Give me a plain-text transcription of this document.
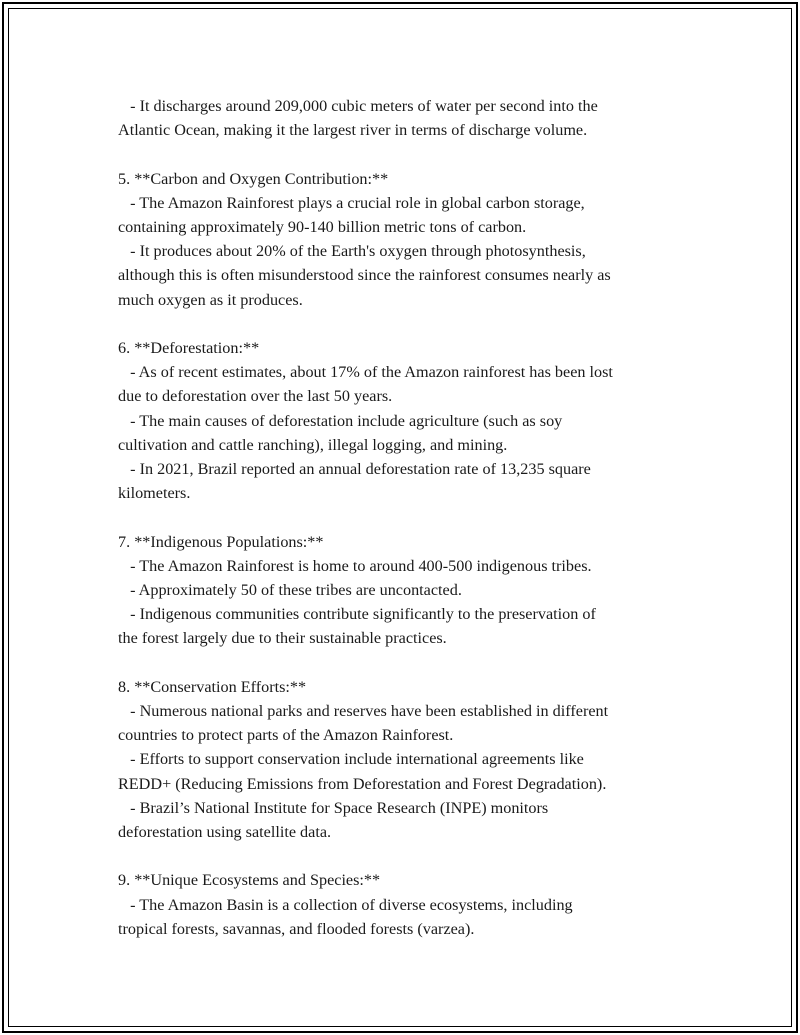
- It discharges around 209,000 cubic meters of water per second into the

Atlantic Ocean, making it the largest river in terms of discharge volume.

5. **Carbon and Oxygen Contribution:**

- The Amazon Rainforest plays a crucial role in global carbon storage,

containing approximately 90-140 billion metric tons of carbon.

- It produces about 20% of the Earth's oxygen through photosynthesis,

although this is often misunderstood since the rainforest consumes nearly as

much oxygen as it produces.

6. **Deforestation:**

- As of recent estimates, about 17% of the Amazon rainforest has been lost

due to deforestation over the last 50 years.

- The main causes of deforestation include agriculture (such as soy

cultivation and cattle ranching), illegal logging, and mining.

- In 2021, Brazil reported an annual deforestation rate of 13,235 square

kilometers.

7. **Indigenous Populations:**

- The Amazon Rainforest is home to around 400-500 indigenous tribes.

- Approximately 50 of these tribes are uncontacted.

- Indigenous communities contribute significantly to the preservation of

the forest largely due to their sustainable practices.

8. **Conservation Efforts:**

- Numerous national parks and reserves have been established in different

countries to protect parts of the Amazon Rainforest.

- Efforts to support conservation include international agreements like

REDD+ (Reducing Emissions from Deforestation and Forest Degradation).

- Brazil’s National Institute for Space Research (INPE) monitors

deforestation using satellite data.

9. **Unique Ecosystems and Species:**

- The Amazon Basin is a collection of diverse ecosystems, including

tropical forests, savannas, and flooded forests (varzea).
